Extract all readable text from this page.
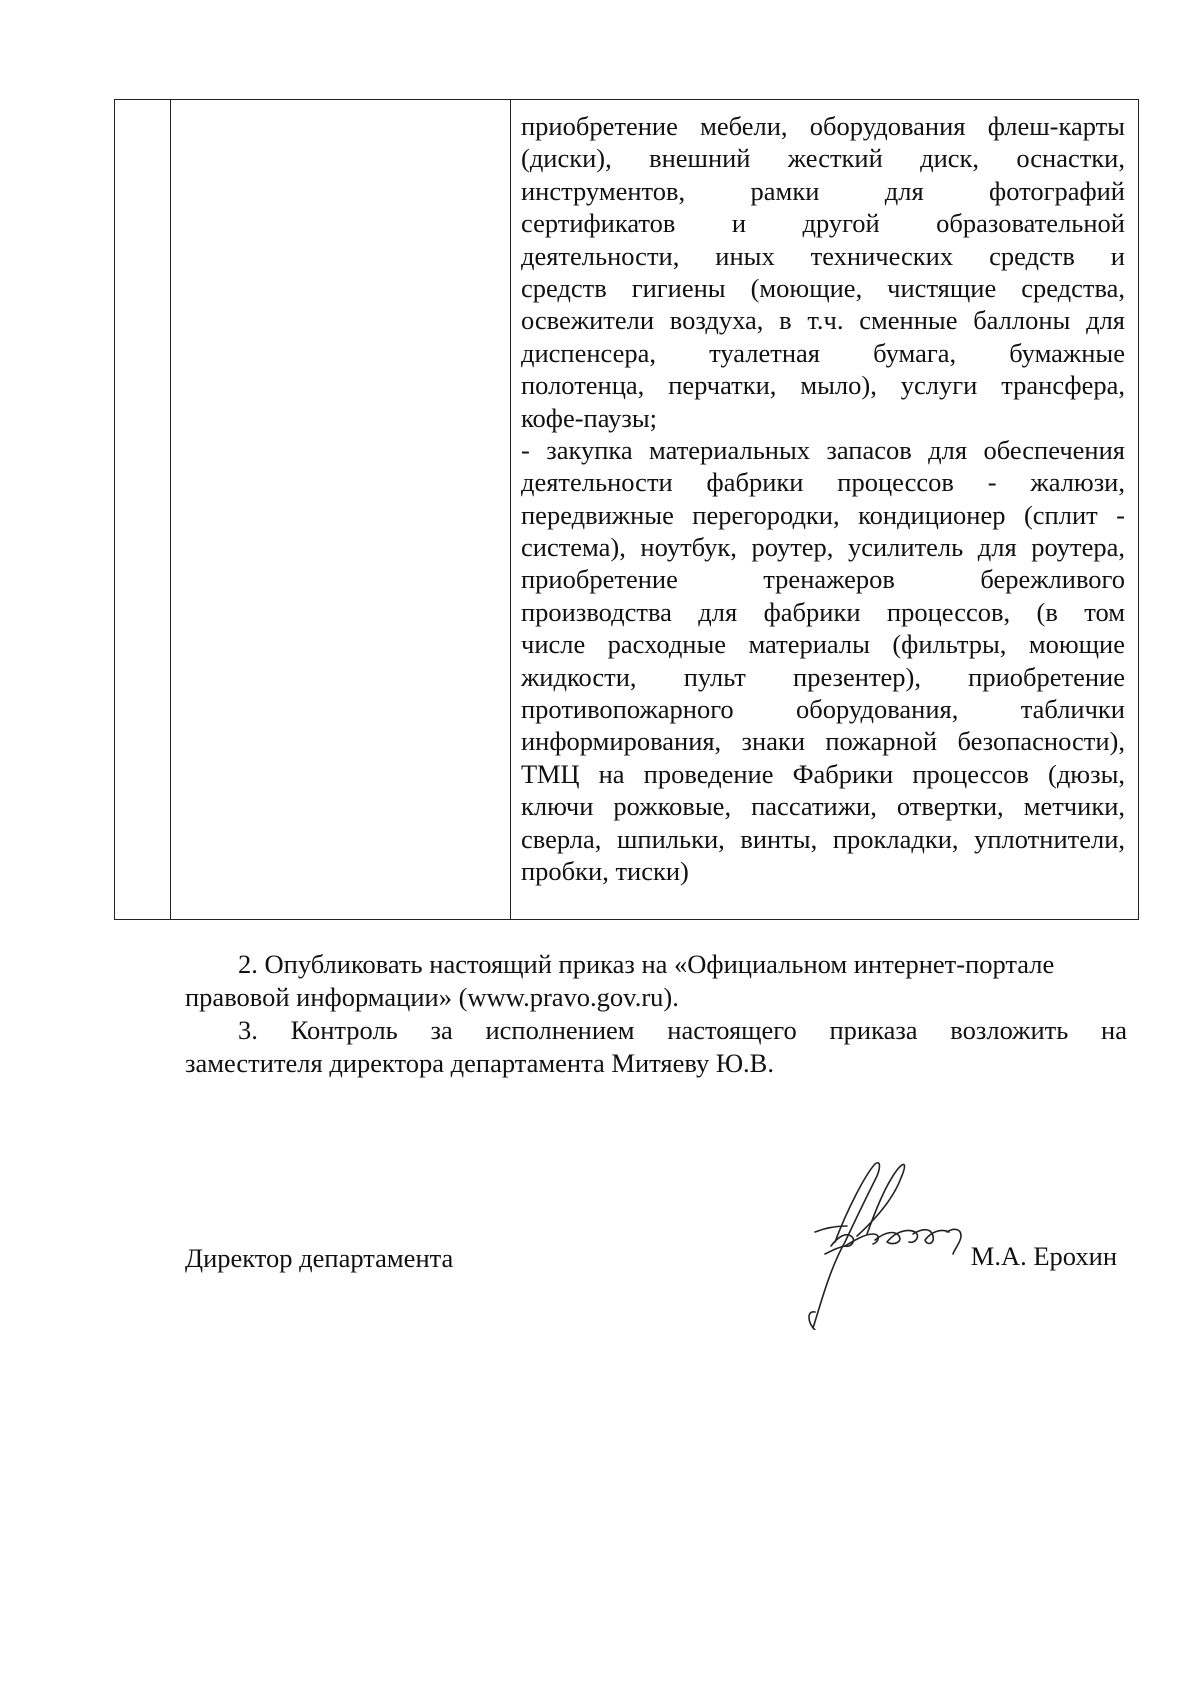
приобретение мебели, оборудования флеш-карты
(диски), внешний жесткий диск, оснастки,
инструментов, рамки для фотографий
сертификатов и другой образовательной
деятельности, иных технических средств и
средств гигиены (моющие, чистящие средства,
освежители воздуха, в т.ч. сменные баллоны для
диспенсера, туалетная бумага, бумажные
полотенца, перчатки, мыло), услуги трансфера,
кофе-паузы;
- закупка материальных запасов для обеспечения
деятельности фабрики процессов - жалюзи,
передвижные перегородки, кондиционер (сплит -
система), ноутбук, роутер, усилитель для роутера,
приобретение тренажеров бережливого
производства для фабрики процессов, (в том
числе расходные материалы (фильтры, моющие
жидкости, пульт презентер), приобретение
противопожарного оборудования, таблички
информирования, знаки пожарной безопасности),
ТМЦ на проведение Фабрики процессов (дюзы,
ключи рожковые, пассатижи, отвертки, метчики,
сверла, шпильки, винты, прокладки, уплотнители,
пробки, тиски)
2. Опубликовать настоящий приказ на «Официальном интернет-портале
правовой информации» (www.pravo.gov.ru).
3. Контроль за исполнением настоящего приказа возложить на
заместителя директора департамента Митяеву Ю.В.
Директор департамента	М.А. Ерохин
